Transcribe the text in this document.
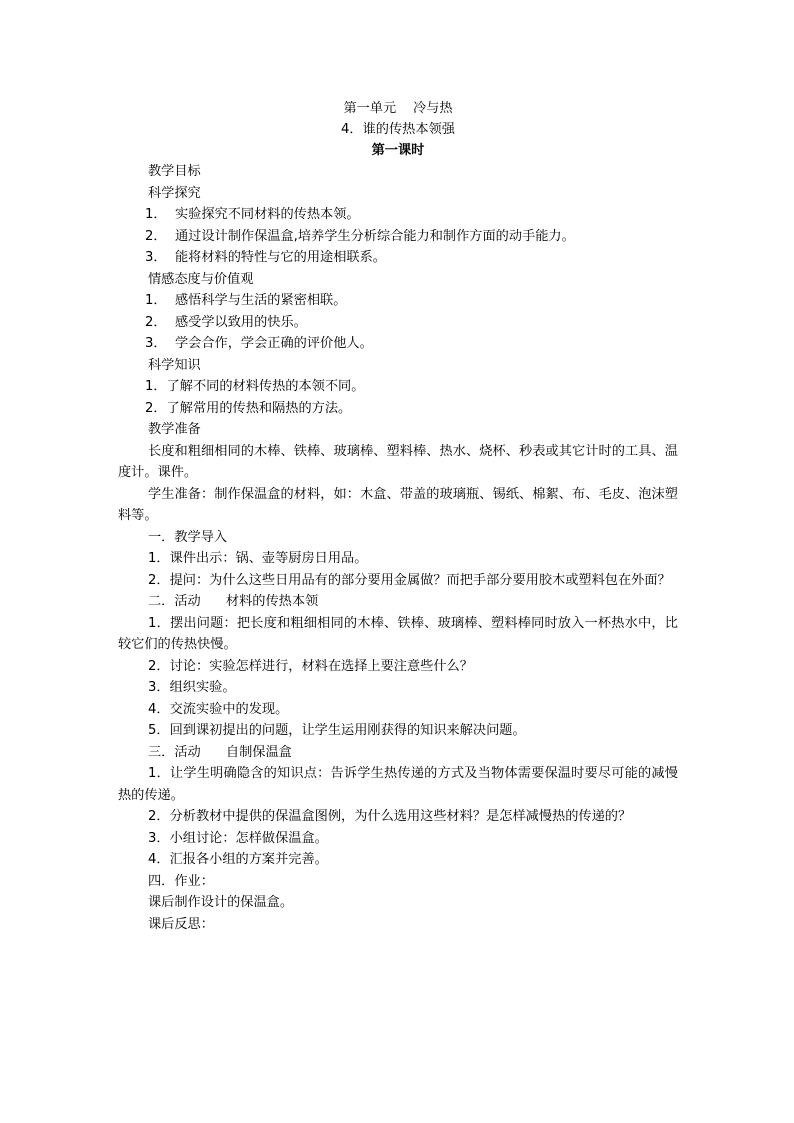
第一单元    冷与热
4．谁的传热本领强
第一课时
教学目标
科学探究
1．  实验探究不同材料的传热本领。
2．  通过设计制作保温盒,培养学生分析综合能力和制作方面的动手能力。
3．  能将材料的特性与它的用途相联系。
情感态度与价值观
1．  感悟科学与生活的紧密相联。
2．  感受学以致用的快乐。
3．  学会合作，学会正确的评价他人。
科学知识
1．了解不同的材料传热的本领不同。
2．了解常用的传热和隔热的方法。
教学准备
长度和粗细相同的木棒、铁棒、玻璃棒、塑料棒、热水、烧杯、秒表或其它计时的工具、温度计。课件。
学生准备：制作保温盒的材料，如：木盒、带盖的玻璃瓶、锡纸、棉絮、布、毛皮、泡沫塑料等。
一．教学导入
1．课件出示：锅、壶等厨房日用品。
2．提问：为什么这些日用品有的部分要用金属做？而把手部分要用胶木或塑料包在外面？
二．活动      材料的传热本领
1．摆出问题：把长度和粗细相同的木棒、铁棒、玻璃棒、塑料棒同时放入一杯热水中，比较它们的传热快慢。
2．讨论：实验怎样进行，材料在选择上要注意些什么？
3．组织实验。
4．交流实验中的发现。
5．回到课初提出的问题，让学生运用刚获得的知识来解决问题。
三．活动      自制保温盒
1．让学生明确隐含的知识点：告诉学生热传递的方式及当物体需要保温时要尽可能的减慢热的传递。
2．分析教材中提供的保温盒图例，为什么选用这些材料？是怎样减慢热的传递的？
3．小组讨论：怎样做保温盒。
4．汇报各小组的方案并完善。
四．作业：
课后制作设计的保温盒。
课后反思：
